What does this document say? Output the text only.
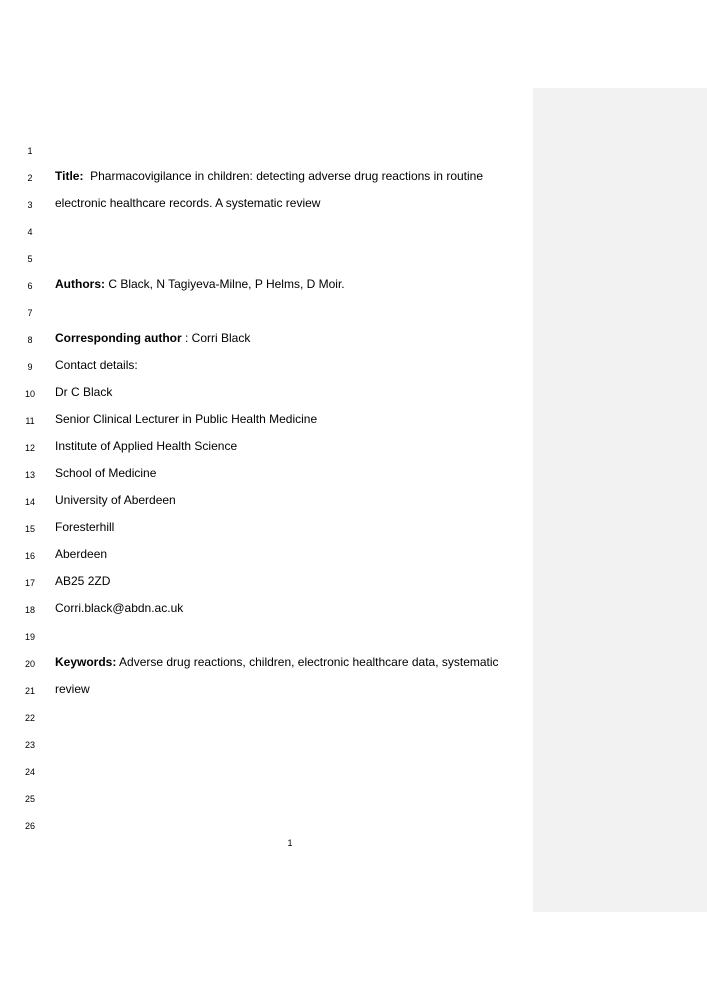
1
2	Title:  Pharmacovigilance in children: detecting adverse drug reactions in routine
3	electronic healthcare records. A systematic review
4
5
6	Authors: C Black, N Tagiyeva-Milne, P Helms, D Moir.
7
8	Corresponding author : Corri Black
9	Contact details:
10	Dr C Black
11	Senior Clinical Lecturer in Public Health Medicine
12	Institute of Applied Health Science
13	School of Medicine
14	University of Aberdeen
15	Foresterhill
16	Aberdeen
17	AB25 2ZD
18	Corri.black@abdn.ac.uk
19
20	Keywords: Adverse drug reactions, children, electronic healthcare data, systematic
21	review
22
23
24
25
26
1
